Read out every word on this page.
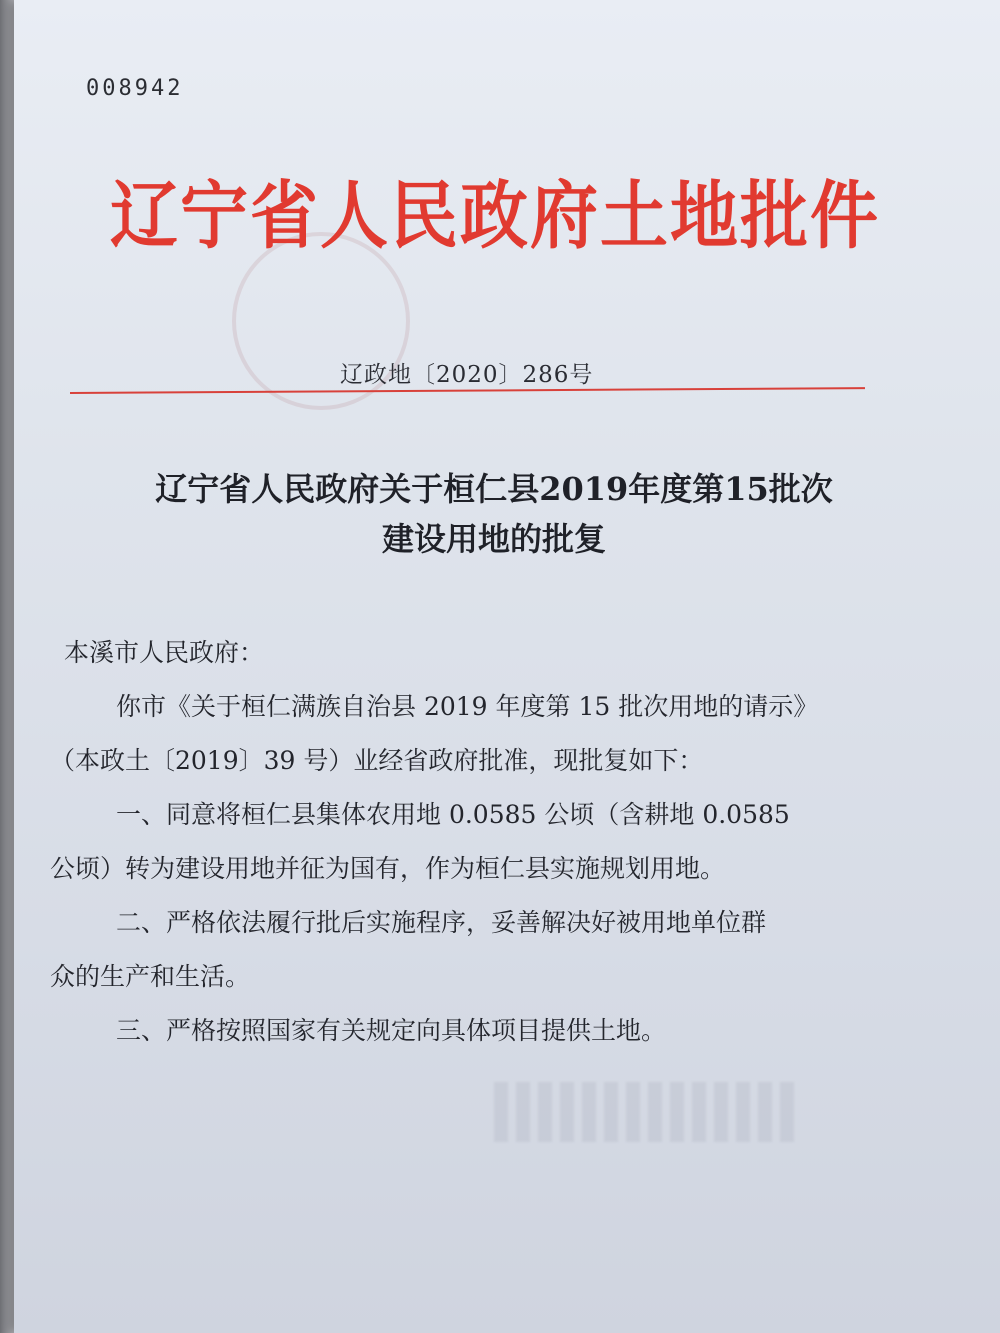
008942
辽宁省人民政府土地批件
辽政地〔2020〕286号
辽宁省人民政府关于桓仁县2019年度第15批次
建设用地的批复

本溪市人民政府：

你市《关于桓仁满族自治县 2019 年度第 15 批次用地的请示》

（本政土〔2019〕39 号）业经省政府批准，现批复如下：

一、同意将桓仁县集体农用地 0.0585 公顷（含耕地 0.0585

公顷）转为建设用地并征为国有，作为桓仁县实施规划用地。

二、严格依法履行批后实施程序，妥善解决好被用地单位群

众的生产和生活。

三、严格按照国家有关规定向具体项目提供土地。
